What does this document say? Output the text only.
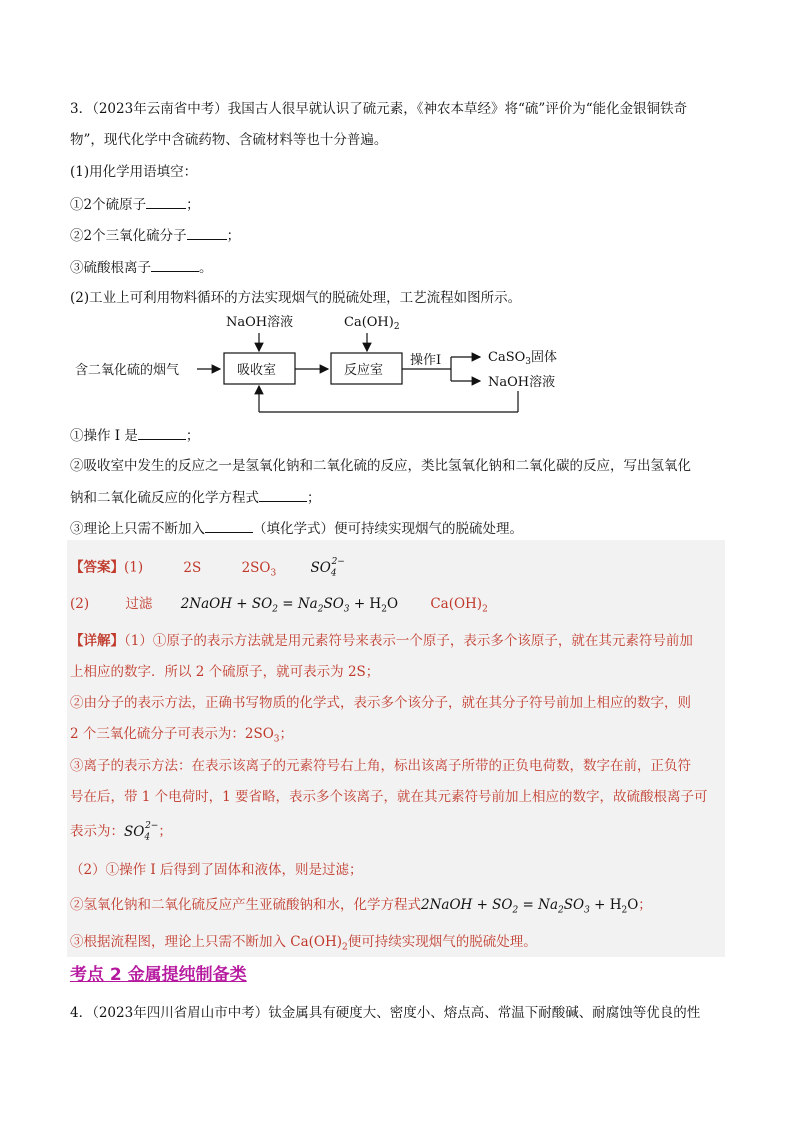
3．（2023年云南省中考）我国古人很早就认识了硫元素，《神农本草经》将“硫”评价为“能化金银铜铁奇
物”，现代化学中含硫药物、含硫材料等也十分普遍。
(1)用化学用语填空：
①2个硫原子	；
②2个三氧化硫分子	；
③硫酸根离子	。
(2)工业上可利用物料循环的方法实现烟气的脱硫处理，工艺流程如图所示。
含二氧化硫的烟气
NaOH溶液
吸收室
$Ca(OH)_2$
反应室
操作I	CaSO$_3$固体
NaOH溶液
①操作 I 是	；
②吸收室中发生的反应之一是氢氧化钠和二氧化硫的反应，类比氢氧化钠和二氧化碳的反应，写出氢氧化
钠和二氧化硫反应的化学方程式	；
③理论上只需不断加入	（填化学式）便可持续实现烟气的脱硫处理。
【答案】(1)	2S	$2SO_3$	$SO_4^{2-}$
(2)	过滤 2NaOH + $SO_2 = Na_2SO_3 + H_2O$ $Ca(OH)_2$
【详解】（1）①原子的表示方法就是用元素符号来表示一个原子，表示多个该原子，就在其元素符号前加
上相应的数字．所以 2 个硫原子，就可表示为 2S；
②由分子的表示方法，正确书写物质的化学式，表示多个该分子，就在其分子符号前加上相应的数字，则
2 个三氧化硫分子可表示为：$2SO_3$；
③离子的表示方法：在表示该离子的元素符号右上角，标出该离子所带的正负电荷数，数字在前，正负符
号在后，带 1 个电荷时，1 要省略，表示多个该离子，就在其元素符号前加上相应的数字，故硫酸根离子可
表示为：$SO_4^{2-}$；
（2）①操作 I 后得到了固体和液体，则是过滤；
②氢氧化钠和二氧化硫反应产生亚硫酸钠和水，化学方程式2NaOH + $SO_2 = Na_2SO_3 + H_2O$；
③根据流程图，理论上只需不断加入 $Ca(OH)_2$便可持续实现烟气的脱硫处理。
考点 2 金属提纯制备类
4．（2023年四川省眉山市中考）钛金属具有硬度大、密度小、熔点高、常温下耐酸碱、耐腐蚀等优良的性
